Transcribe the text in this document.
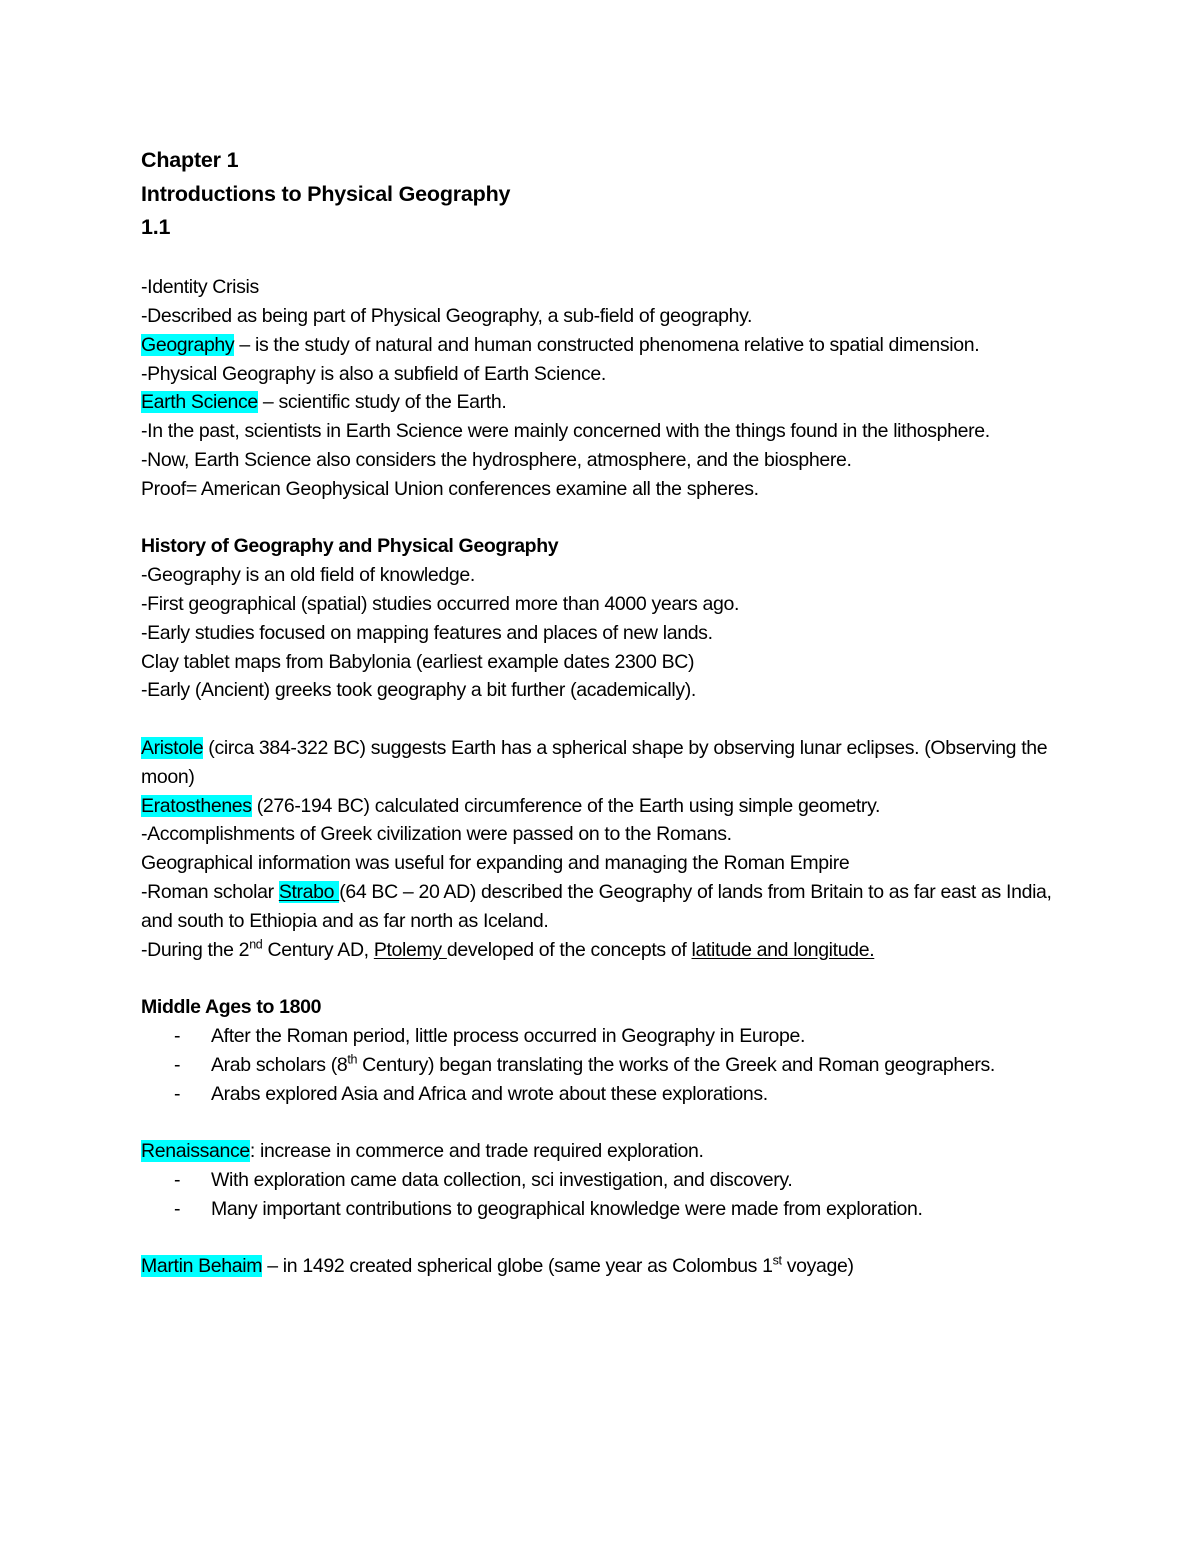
Chapter 1

Introductions to Physical Geography

1.1

-Identity Crisis

-Described as being part of Physical Geography, a sub-field of geography.

Geography – is the study of natural and human constructed phenomena relative to spatial dimension.

-Physical Geography is also a subfield of Earth Science.

Earth Science – scientific study of the Earth.

-In the past, scientists in Earth Science were mainly concerned with the things found in the lithosphere.

-Now, Earth Science also considers the hydrosphere, atmosphere, and the biosphere.

Proof= American Geophysical Union conferences examine all the spheres.

History of Geography and Physical Geography

-Geography is an old field of knowledge.

-First geographical (spatial) studies occurred more than 4000 years ago.

-Early studies focused on mapping features and places of new lands.

Clay tablet maps from Babylonia (earliest example dates 2300 BC)

-Early (Ancient) greeks took geography a bit further (academically).

Aristole (circa 384-322 BC) suggests Earth has a spherical shape by observing lunar eclipses. (Observing the moon)

Eratosthenes (276-194 BC) calculated circumference of the Earth using simple geometry.

-Accomplishments of Greek civilization were passed on to the Romans.

Geographical information was useful for expanding and managing the Roman Empire

-Roman scholar Strabo (64 BC – 20 AD) described the Geography of lands from Britain to as far east as India, and south to Ethiopia and as far north as Iceland.

-During the 2nd Century AD, Ptolemy developed of the concepts of latitude and longitude.

Middle Ages to 1800

- After the Roman period, little process occurred in Geography in Europe.
- Arab scholars (8th Century) began translating the works of the Greek and Roman geographers.
- Arabs explored Asia and Africa and wrote about these explorations.

Renaissance: increase in commerce and trade required exploration.

- With exploration came data collection, sci investigation, and discovery.
- Many important contributions to geographical knowledge were made from exploration.

Martin Behaim – in 1492 created spherical globe (same year as Colombus 1st voyage)
